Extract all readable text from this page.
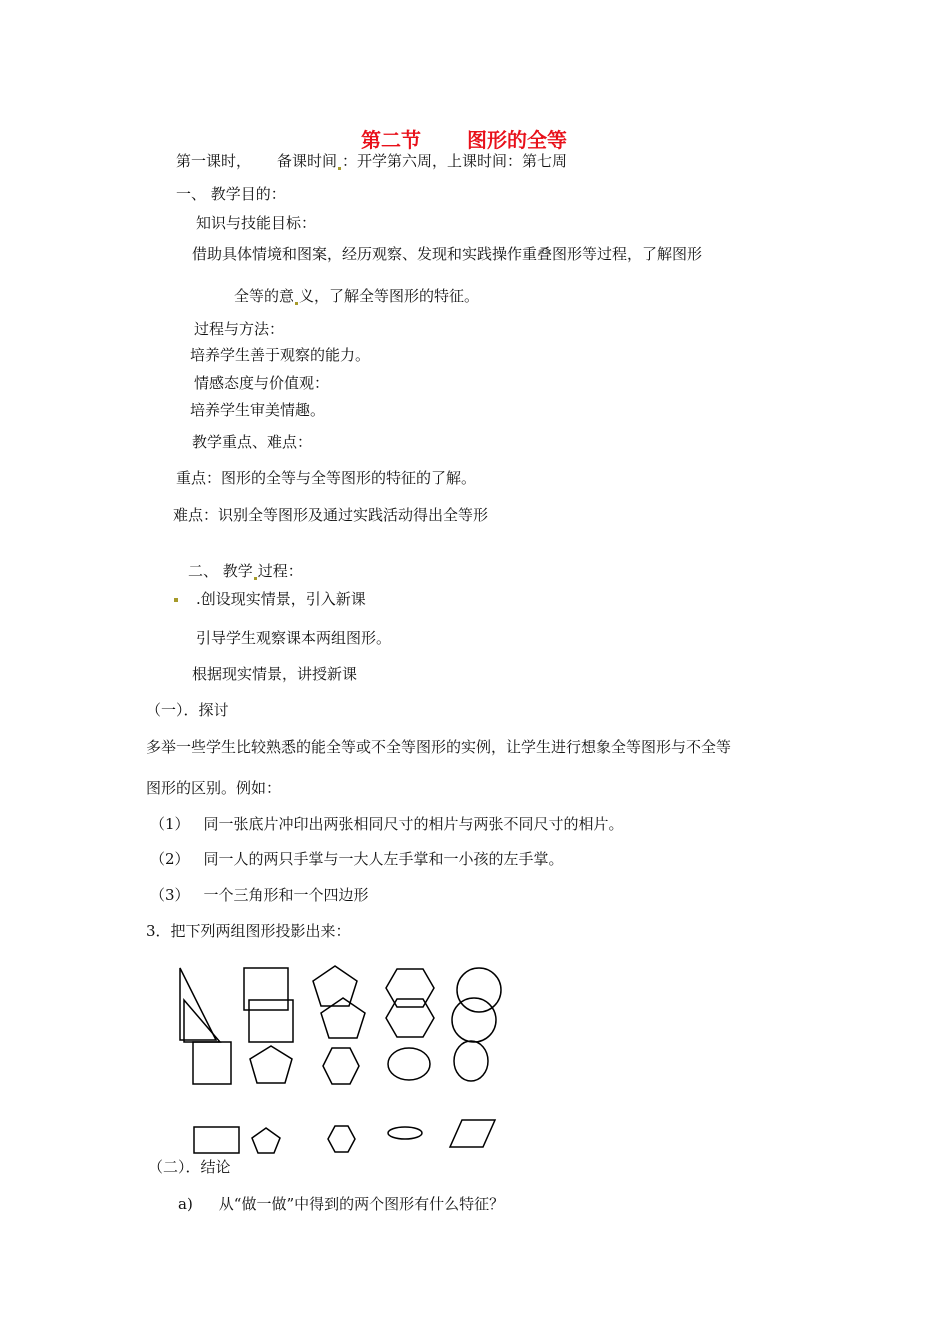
第二节 图形的全等
第一课时， 备课时间 ：开学第六周，上课时间：第七周
一、 教学目的：
知识与技能目标：
借助具体情境和图案，经历观察、发现和实践操作重叠图形等过程，了解图形
全等的意 义，了解全等图形的特征。
过程与方法：
培养学生善于观察的能力。
情感态度与价值观：
培养学生审美情趣。
教学重点、难点：
重点：图形的全等与全等图形的特征的了解。
难点：识别全等图形及通过实践活动得出全等形
二、 教学 过程：
.创设现实情景，引入新课
引导学生观察课本两组图形。
根据现实情景，讲授新课
（一）．探讨
多举一些学生比较熟悉的能全等或不全等图形的实例，让学生进行想象全等图形与不全等
图形的区别。例如：
（1） 同一张底片冲印出两张相同尺寸的相片与两张不同尺寸的相片。
（2） 同一人的两只手掌与一大人左手掌和一小孩的左手掌。
（3） 一个三角形和一个四边形
3．把下列两组图形投影出来：
（二）．结论
a) 从“做一做”中得到的两个图形有什么特征？
